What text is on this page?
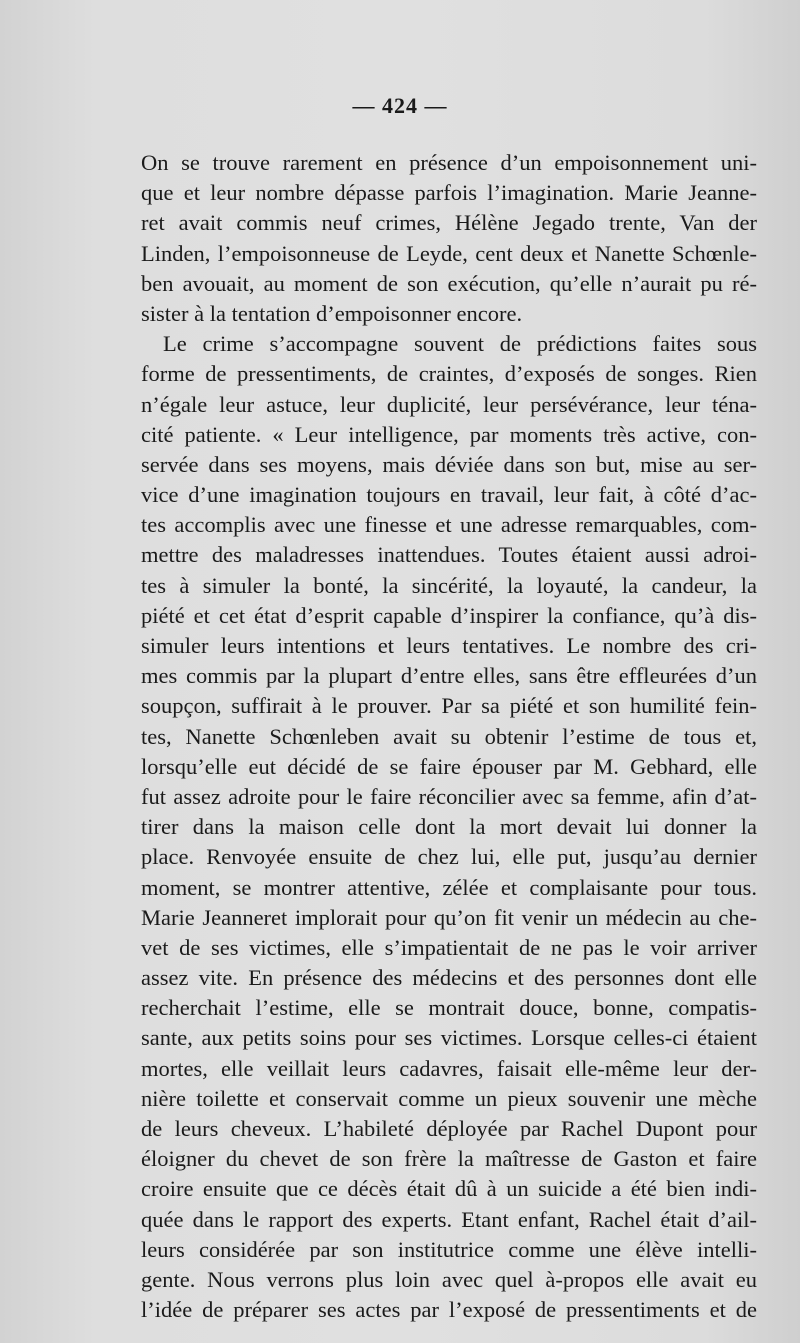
— 424 —
On se trouve rarement en présence d’un empoisonnement uni-
que et leur nombre dépasse parfois l’imagination. Marie Jeanne-
ret avait commis neuf crimes, Hélène Jegado trente, Van der
Linden, l’empoisonneuse de Leyde, cent deux et Nanette Schœnle-
ben avouait, au moment de son exécution, qu’elle n’aurait pu ré-
sister à la tentation d’empoisonner encore.
Le crime s’accompagne souvent de prédictions faites sous
forme de pressentiments, de craintes, d’exposés de songes. Rien
n’égale leur astuce, leur duplicité, leur persévérance, leur téna-
cité patiente. « Leur intelligence, par moments très active, con-
servée dans ses moyens, mais déviée dans son but, mise au ser-
vice d’une imagination toujours en travail, leur fait, à côté d’ac-
tes accomplis avec une finesse et une adresse remarquables, com-
mettre des maladresses inattendues. Toutes étaient aussi adroi-
tes à simuler la bonté, la sincérité, la loyauté, la candeur, la
piété et cet état d’esprit capable d’inspirer la confiance, qu’à dis-
simuler leurs intentions et leurs tentatives. Le nombre des cri-
mes commis par la plupart d’entre elles, sans être effleurées d’un
soupçon, suffirait à le prouver. Par sa piété et son humilité fein-
tes, Nanette Schœnleben avait su obtenir l’estime de tous et,
lorsqu’elle eut décidé de se faire épouser par M. Gebhard, elle
fut assez adroite pour le faire réconcilier avec sa femme, afin d’at-
tirer dans la maison celle dont la mort devait lui donner la
place. Renvoyée ensuite de chez lui, elle put, jusqu’au dernier
moment, se montrer attentive, zélée et complaisante pour tous.
Marie Jeanneret implorait pour qu’on fit venir un médecin au che-
vet de ses victimes, elle s’impatientait de ne pas le voir arriver
assez vite. En présence des médecins et des personnes dont elle
recherchait l’estime, elle se montrait douce, bonne, compatis-
sante, aux petits soins pour ses victimes. Lorsque celles-ci étaient
mortes, elle veillait leurs cadavres, faisait elle-même leur der-
nière toilette et conservait comme un pieux souvenir une mèche
de leurs cheveux. L’habileté déployée par Rachel Dupont pour
éloigner du chevet de son frère la maîtresse de Gaston et faire
croire ensuite que ce décès était dû à un suicide a été bien indi-
quée dans le rapport des experts. Etant enfant, Rachel était d’ail-
leurs considérée par son institutrice comme une élève intelli-
gente. Nous verrons plus loin avec quel à-propos elle avait eu
l’idée de préparer ses actes par l’exposé de pressentiments et de
